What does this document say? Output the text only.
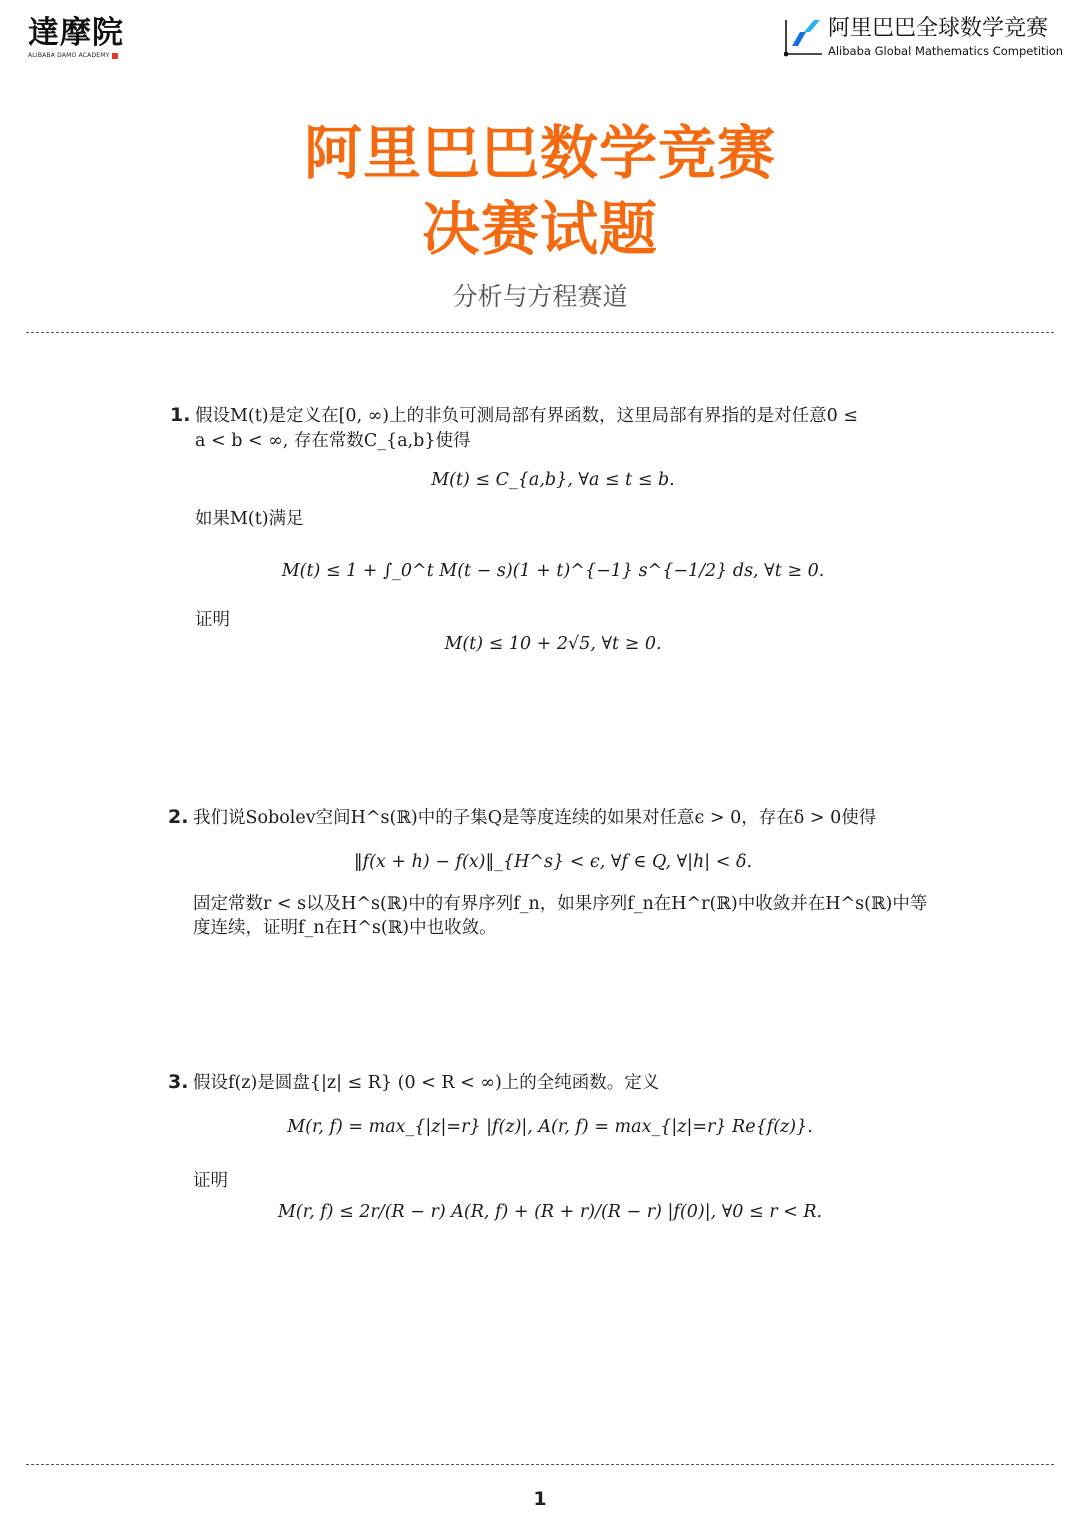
達摩院
ALIBABA DAMO ACADEMY
阿里巴巴全球数学竞赛
Alibaba Global Mathematics Competition
阿里巴巴数学竞赛
决赛试题
分析与方程赛道
1. 假设M(t)是定义在[0, ∞)上的非负可测局部有界函数，这里局部有界指的是对任意0 ≤
a < b < ∞, 存在常数C_{a,b}使得
M(t) ≤ C_{a,b}, ∀a ≤ t ≤ b.
如果M(t)满足
M(t) ≤ 1 + ∫_0^t M(t − s)(1 + t)^{−1} s^{−1/2} ds, ∀t ≥ 0.
证明
M(t) ≤ 10 + 2√5, ∀t ≥ 0.
2. 我们说Sobolev空间H^s(ℝ)中的子集Q是等度连续的如果对任意ϵ > 0，存在δ > 0使得
‖f(x + h) − f(x)‖_{H^s} < ϵ, ∀f ∈ Q, ∀|h| < δ.
固定常数r < s以及H^s(ℝ)中的有界序列f_n，如果序列f_n在H^r(ℝ)中收敛并在H^s(ℝ)中等
度连续，证明f_n在H^s(ℝ)中也收敛。
3. 假设f(z)是圆盘{|z| ≤ R} (0 < R < ∞)上的全纯函数。定义
M(r, f) = max_{|z|=r} |f(z)|, A(r, f) = max_{|z|=r} Re{f(z)}.
证明
M(r, f) ≤ 2r/(R − r) A(R, f) + (R + r)/(R − r) |f(0)|, ∀0 ≤ r < R.
1
